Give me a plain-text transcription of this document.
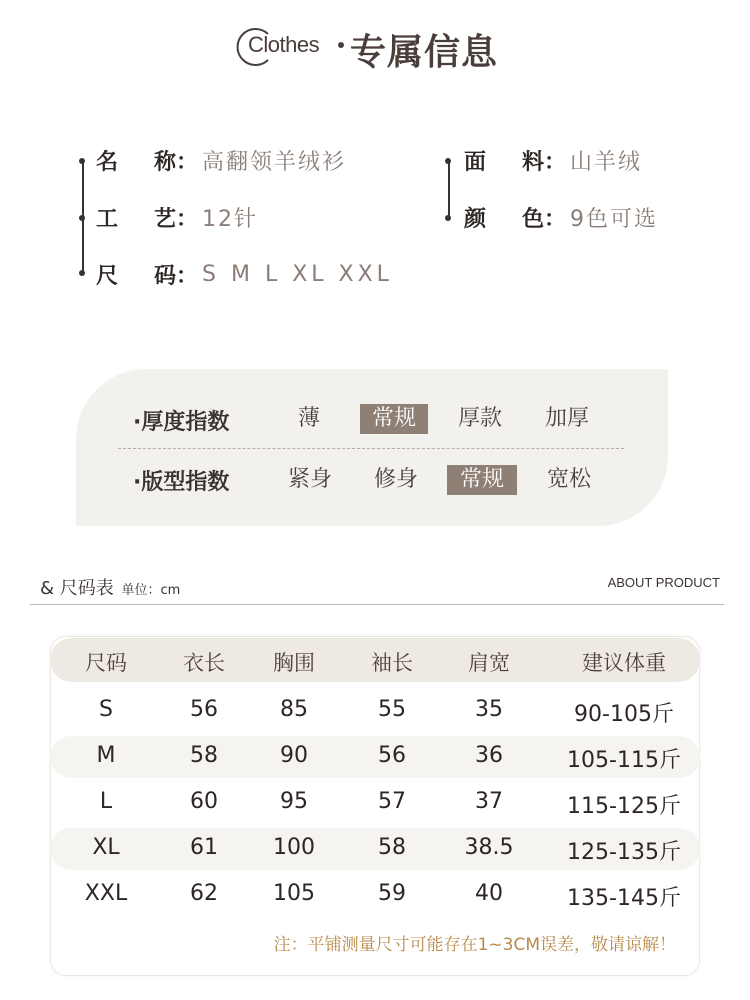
Clothes 专属信息
名 称 ： 高翻领羊绒衫
工 艺 ： 12针
尺 码 ： S M L XL XXL
面 料 ： 山羊绒
颜 色 ： 9色可选
·厚度指数	薄	常规	厚款	加厚
·版型指数	紧身	修身	常规	宽松
& 尺码表 单位：cm
ABOUT PRODUCT
尺码	衣长	胸围	袖长	肩宽	建议体重
S	56	85	55	35	90-105斤
M	58	90	56	36	105-115斤
L	60	95	57	37	115-125斤
XL	61	100	58	38.5	125-135斤
XXL	62	105	59	40	135-145斤
注：平铺测量尺寸可能存在1~3CM误差，敬请谅解！
